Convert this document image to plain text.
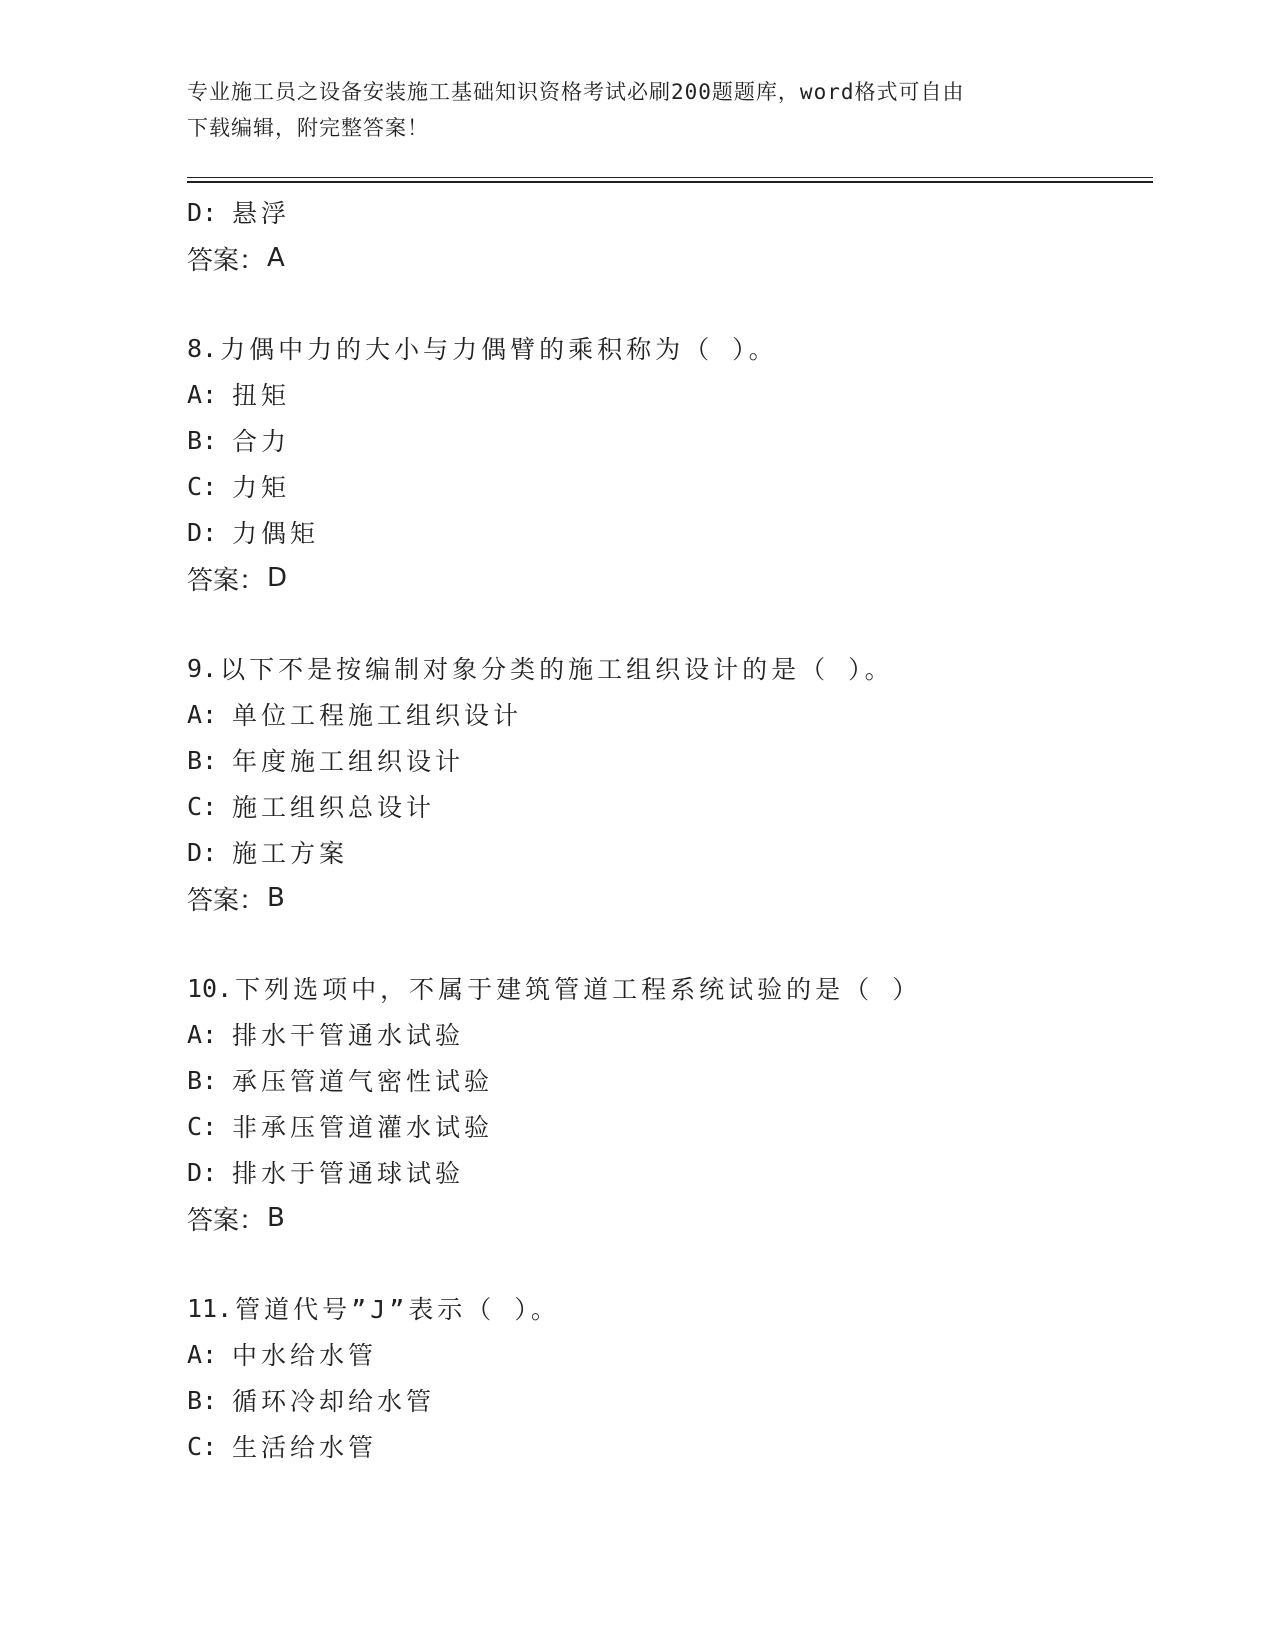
专业施工员之设备安装施工基础知识资格考试必刷200题题库，word格式可自由
下载编辑，附完整答案！
D: 悬浮
答案： A
8. 力偶中力的大小与力偶臂的乘积称为（ ）。
A: 扭矩
B: 合力
C: 力矩
D: 力偶矩
答案： D
9. 以下不是按编制对象分类的施工组织设计的是（ ）。
A: 单位工程施工组织设计
B: 年度施工组织设计
C: 施工组织总设计
D: 施工方案
答案： B
10. 下列选项中，不属于建筑管道工程系统试验的是（ ）
A: 排水干管通水试验
B: 承压管道气密性试验
C: 非承压管道灌水试验
D: 排水于管通球试验
答案： B
11. 管道代号”J”表示（ ）。
A: 中水给水管
B: 循环冷却给水管
C: 生活给水管
